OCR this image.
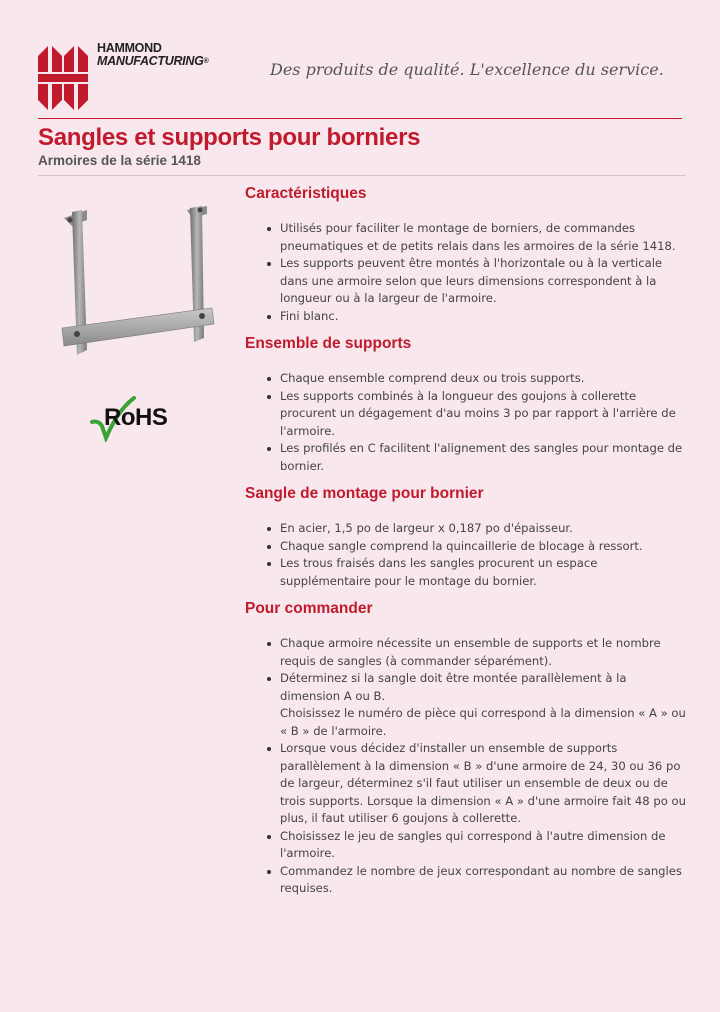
HAMMOND
MANUFACTURING®	Des produits de qualité. L'excellence du service.
Sangles et supports pour borniers
Armoires de la série 1418
RoHS
Caractéristiques
Utilisés pour faciliter le montage de borniers, de commandes pneumatiques et de petits relais dans les armoires de la série 1418.
Les supports peuvent être montés à l'horizontale ou à la verticale dans une armoire selon que leurs dimensions correspondent à la longueur ou à la largeur de l'armoire.
Fini blanc.
Ensemble de supports
Chaque ensemble comprend deux ou trois supports.
Les supports combinés à la longueur des goujons à collerette procurent un dégagement d'au moins 3 po par rapport à l'arrière de l'armoire.
Les profilés en C facilitent l'alignement des sangles pour montage de bornier.
Sangle de montage pour bornier
En acier, 1,5 po de largeur x 0,187 po d'épaisseur.
Chaque sangle comprend la quincaillerie de blocage à ressort.
Les trous fraisés dans les sangles procurent un espace supplémentaire pour le montage du bornier.
Pour commander
Chaque armoire nécessite un ensemble de supports et le nombre requis de sangles (à commander séparément).
Déterminez si la sangle doit être montée parallèlement à la dimension A ou B.
Choisissez le numéro de pièce qui correspond à la dimension « A » ou « B » de l'armoire.
Lorsque vous décidez d'installer un ensemble de supports parallèlement à la dimension « B » d'une armoire de 24, 30 ou 36 po de largeur, déterminez s'il faut utiliser un ensemble de deux ou de trois supports. Lorsque la dimension « A » d'une armoire fait 48 po ou plus, il faut utiliser 6 goujons à collerette.
Choisissez le jeu de sangles qui correspond à l'autre dimension de l'armoire.
Commandez le nombre de jeux correspondant au nombre de sangles requises.
